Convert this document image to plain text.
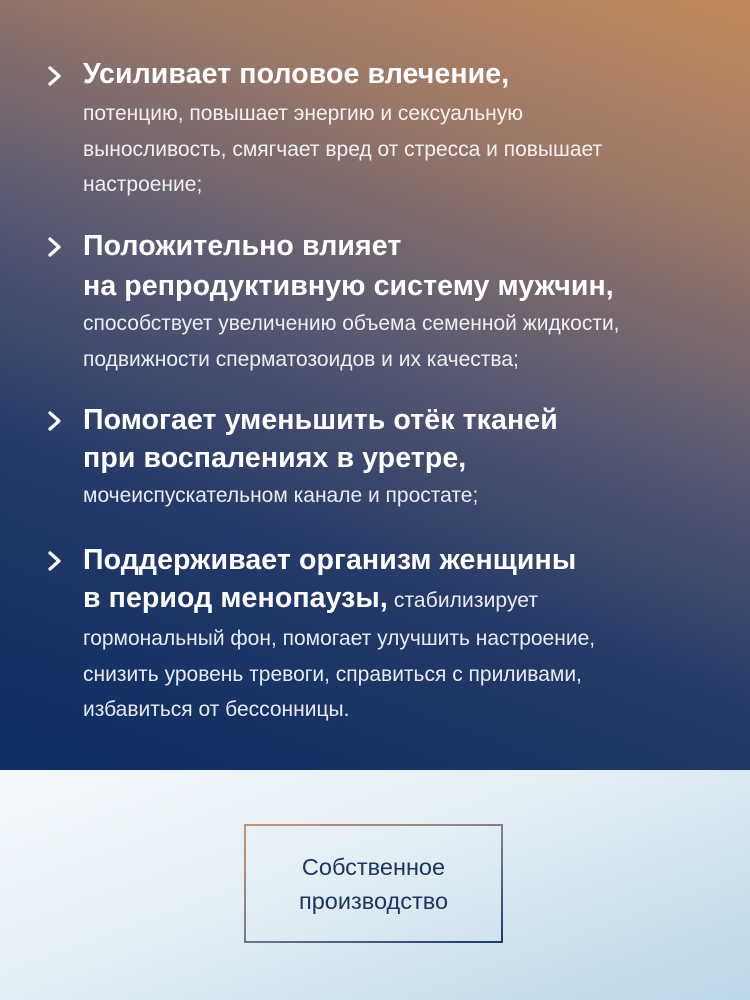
Усиливает половое влечение,
потенцию, повышает энергию и сексуальную
выносливость, смягчает вред от стресса и повышает
настроение;
Положительно влияет
на репродуктивную систему мужчин,
способствует увеличению объема семенной жидкости,
подвижности сперматозоидов и их качества;
Помогает уменьшить отёк тканей
при воспалениях в уретре,
мочеиспускательном канале и простате;
Поддерживает организм женщины
в период менопаузы, стабилизирует
гормональный фон, помогает улучшить настроение,
снизить уровень тревоги, справиться с приливами,
избавиться от бессонницы.
Собственное
производство
